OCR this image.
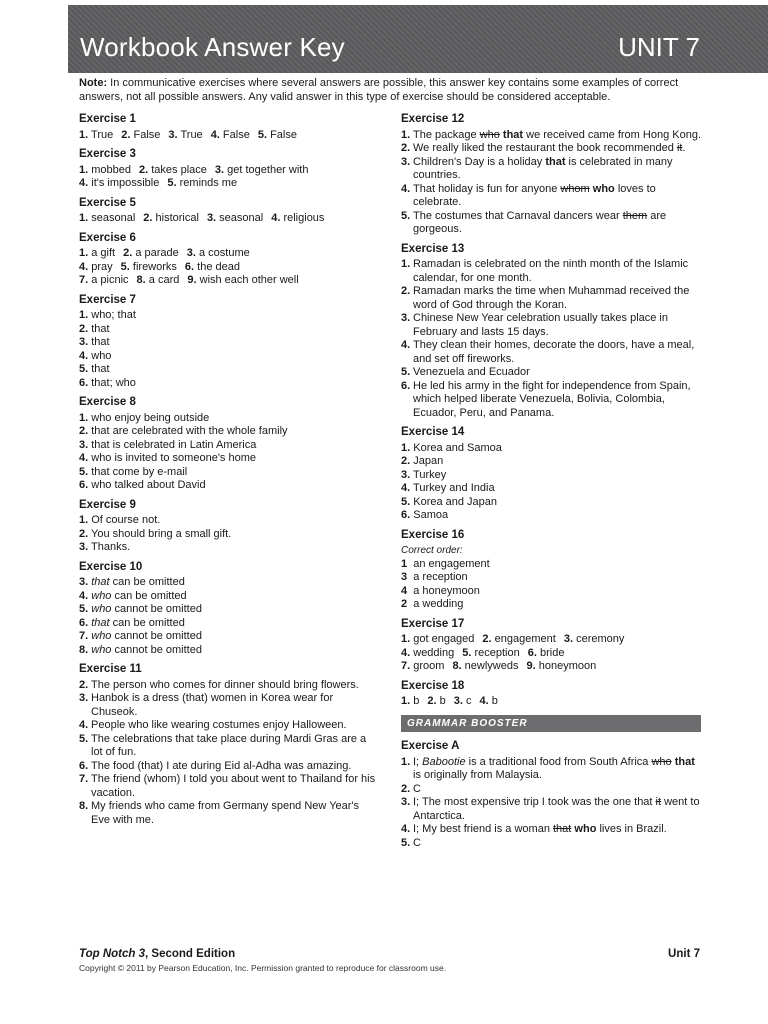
Workbook Answer Key	UNIT 7
Note: In communicative exercises where several answers are possible, this answer key contains some examples of correct answers, not all possible answers. Any valid answer in this type of exercise should be considered acceptable.
Exercise 1
1. True 2. False 3. True 4. False 5. False
Exercise 3
1. mobbed 2. takes place 3. get together with
4. it's impossible 5. reminds me
Exercise 5
1. seasonal 2. historical 3. seasonal 4. religious
Exercise 6
1. a gift 2. a parade 3. a costume
4. pray 5. fireworks 6. the dead
7. a picnic 8. a card 9. wish each other well
Exercise 7
1. who; that
2. that
3. that
4. who
5. that
6. that; who
Exercise 8
1. who enjoy being outside
2. that are celebrated with the whole family
3. that is celebrated in Latin America
4. who is invited to someone's home
5. that come by e-mail
6. who talked about David
Exercise 9
1. Of course not.
2. You should bring a small gift.
3. Thanks.
Exercise 10
3. that can be omitted
4. who can be omitted
5. who cannot be omitted
6. that can be omitted
7. who cannot be omitted
8. who cannot be omitted
Exercise 11
2. The person who comes for dinner should bring flowers.
3. Hanbok is a dress (that) women in Korea wear for Chuseok.
4. People who like wearing costumes enjoy Halloween.
5. The celebrations that take place during Mardi Gras are a lot of fun.
6. The food (that) I ate during Eid al-Adha was amazing.
7. The friend (whom) I told you about went to Thailand for his vacation.
8. My friends who came from Germany spend New Year's Eve with me.
Exercise 12
1. The package who that we received came from Hong Kong.
2. We really liked the restaurant the book recommended it.
3. Children's Day is a holiday that is celebrated in many countries.
4. That holiday is fun for anyone whom who loves to celebrate.
5. The costumes that Carnaval dancers wear them are gorgeous.
Exercise 13
1. Ramadan is celebrated on the ninth month of the Islamic calendar, for one month.
2. Ramadan marks the time when Muhammad received the word of God through the Koran.
3. Chinese New Year celebration usually takes place in February and lasts 15 days.
4. They clean their homes, decorate the doors, have a meal, and set off fireworks.
5. Venezuela and Ecuador
6. He led his army in the fight for independence from Spain, which helped liberate Venezuela, Bolivia, Colombia, Ecuador, Peru, and Panama.
Exercise 14
1. Korea and Samoa
2. Japan
3. Turkey
4. Turkey and India
5. Korea and Japan
6. Samoa
Exercise 16
Correct order:
1  an engagement
3  a reception
4  a honeymoon
2  a wedding
Exercise 17
1. got engaged 2. engagement 3. ceremony
4. wedding 5. reception 6. bride
7. groom 8. newlyweds 9. honeymoon
Exercise 18
1. b 2. b 3. c 4. b
GRAMMAR BOOSTER
Exercise A
1. I; Babootie is a traditional food from South Africa who that is originally from Malaysia.
2. C
3. I; The most expensive trip I took was the one that it went to Antarctica.
4. I; My best friend is a woman that who lives in Brazil.
5. C
Top Notch 3, Second Edition	Unit 7
Copyright © 2011 by Pearson Education, Inc. Permission granted to reproduce for classroom use.
